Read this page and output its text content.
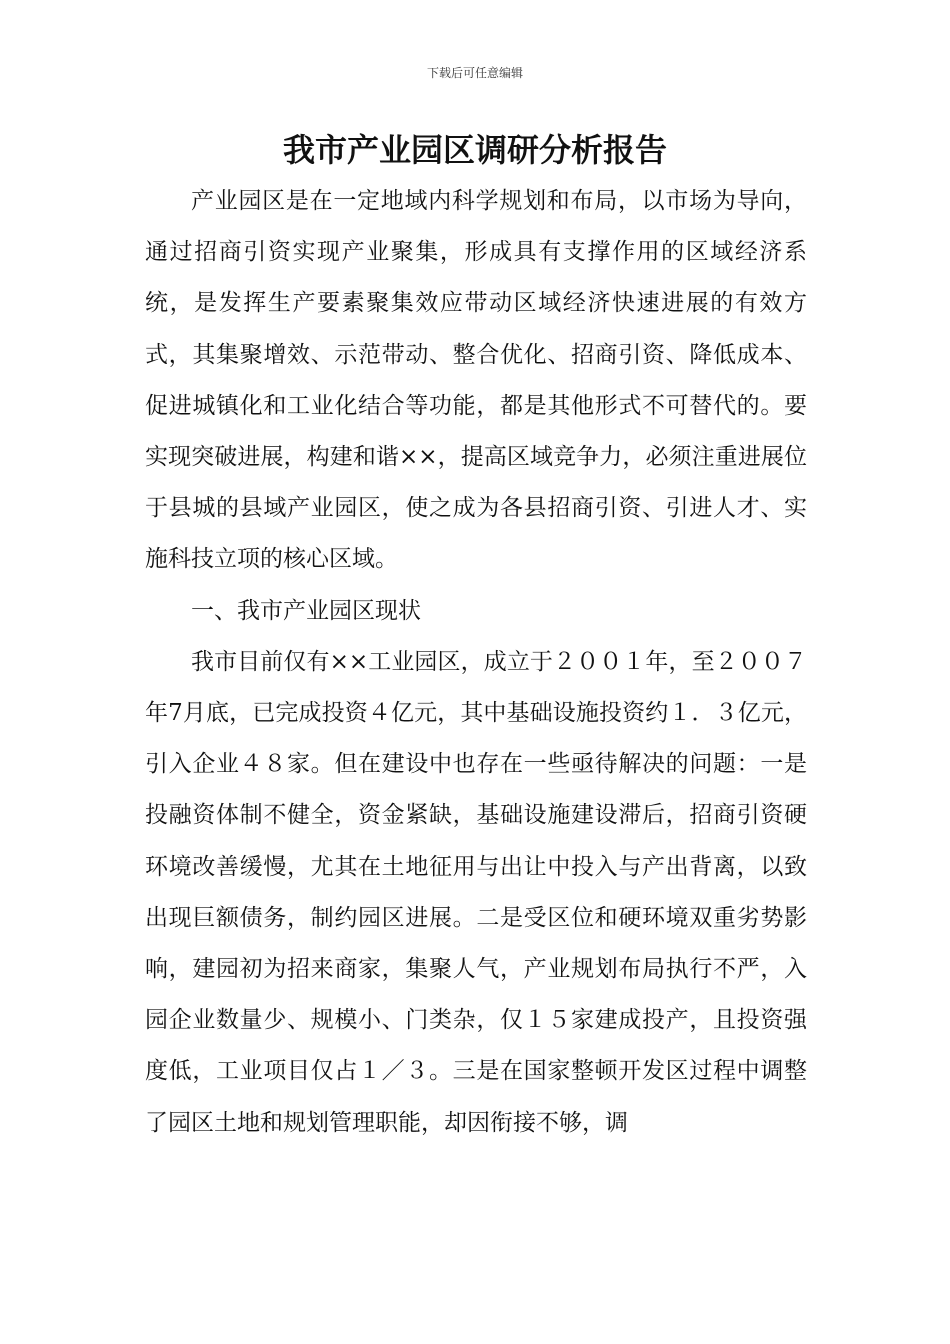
下载后可任意编辑
我市产业园区调研分析报告

产业园区是在一定地域内科学规划和布局，以市场为导向，通过招商引资实现产业聚集，形成具有支撑作用的区域经济系统，是发挥生产要素聚集效应带动区域经济快速进展的有效方式，其集聚增效、示范带动、整合优化、招商引资、降低成本、促进城镇化和工业化结合等功能，都是其他形式不可替代的。要实现突破进展，构建和谐××，提高区域竞争力，必须注重进展位于县城的县域产业园区，使之成为各县招商引资、引进人才、实施科技立项的核心区域。

一、我市产业园区现状

我市目前仅有××工业园区，成立于２００１年，至２００７年7月底，已完成投资４亿元，其中基础设施投资约１．３亿元，引入企业４８家。但在建设中也存在一些亟待解决的问题：一是投融资体制不健全，资金紧缺，基础设施建设滞后，招商引资硬环境改善缓慢，尤其在土地征用与出让中投入与产出背离，以致出现巨额债务，制约园区进展。二是受区位和硬环境双重劣势影响，建园初为招来商家，集聚人气，产业规划布局执行不严，入园企业数量少、规模小、门类杂，仅１５家建成投产，且投资强度低，工业项目仅占１／３。三是在国家整顿开发区过程中调整了园区土地和规划管理职能，却因衔接不够，调
